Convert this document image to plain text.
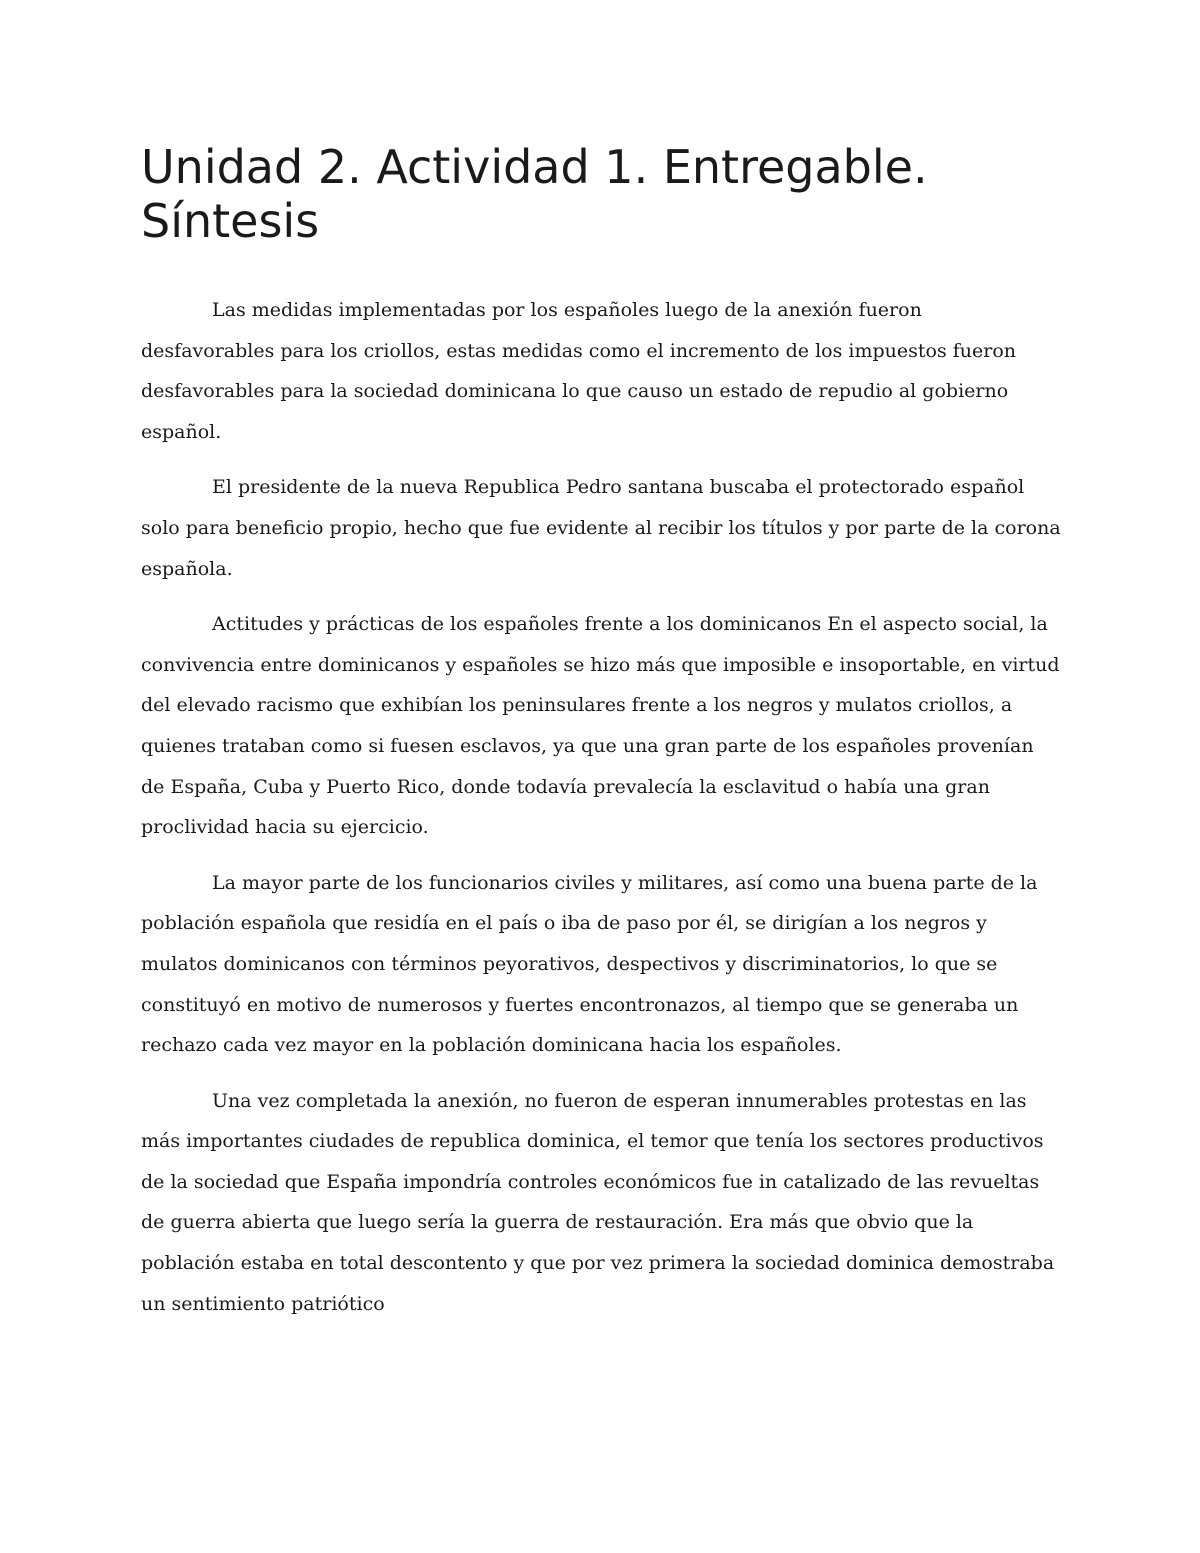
Unidad 2. Actividad 1. Entregable. Síntesis

Las medidas implementadas por los españoles luego de la anexión fueron desfavorables para los criollos, estas medidas como el incremento de los impuestos fueron desfavorables para la sociedad dominicana lo que causo un estado de repudio al gobierno español.

El presidente de la nueva Republica Pedro santana buscaba el protectorado español solo para beneficio propio, hecho que fue evidente al recibir los títulos y por parte de la corona española.

Actitudes y prácticas de los españoles frente a los dominicanos En el aspecto social, la convivencia entre dominicanos y españoles se hizo más que imposible e insoportable, en virtud del elevado racismo que exhibían los peninsulares frente a los negros y mulatos criollos, a quienes trataban como si fuesen esclavos, ya que una gran parte de los españoles provenían de España, Cuba y Puerto Rico, donde todavía prevalecía la esclavitud o había una gran proclividad hacia su ejercicio.

La mayor parte de los funcionarios civiles y militares, así como una buena parte de la población española que residía en el país o iba de paso por él, se dirigían a los negros y mulatos dominicanos con términos peyorativos, despectivos y discriminatorios, lo que se constituyó en motivo de numerosos y fuertes encontronazos, al tiempo que se generaba un rechazo cada vez mayor en la población dominicana hacia los españoles.

Una vez completada la anexión, no fueron de esperan innumerables protestas en las más importantes ciudades de republica dominica, el temor que tenía los sectores productivos de la sociedad que España impondría controles económicos fue in catalizado de las revueltas de guerra abierta que luego sería la guerra de restauración. Era más que obvio que la población estaba en total descontento y que por vez primera la sociedad dominica demostraba un sentimiento patriótico
